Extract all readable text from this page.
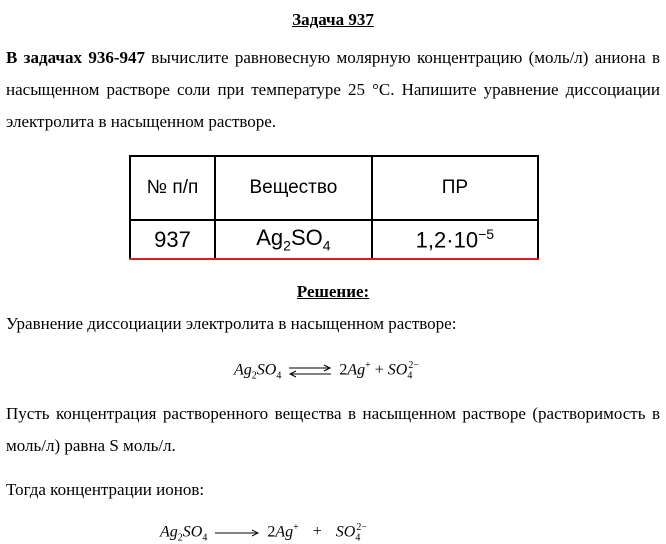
Задача 937
В задачах 936-947 вычислите равновесную молярную концентрацию (моль/л) аниона в насыщенном растворе соли при температуре 25 °С. Напишите уравнение диссоциации электролита в насыщенном растворе.
№ п/п	Вещество	ПР
937	$Ag_2SO_4$	$1,2\cdot 10^{-5}$
Решение:
Уравнение диссоциации электролита в насыщенном растворе:
$Ag_2SO_4$ ⇌ $2Ag^+ + SO_4^{2-}$
Пусть концентрация растворенного вещества в насыщенном растворе (растворимость в моль/л) равна S моль/л.
Тогда концентрации ионов:
$Ag_2SO_4 \to 2Ag^+ + SO_4^{2-}$
